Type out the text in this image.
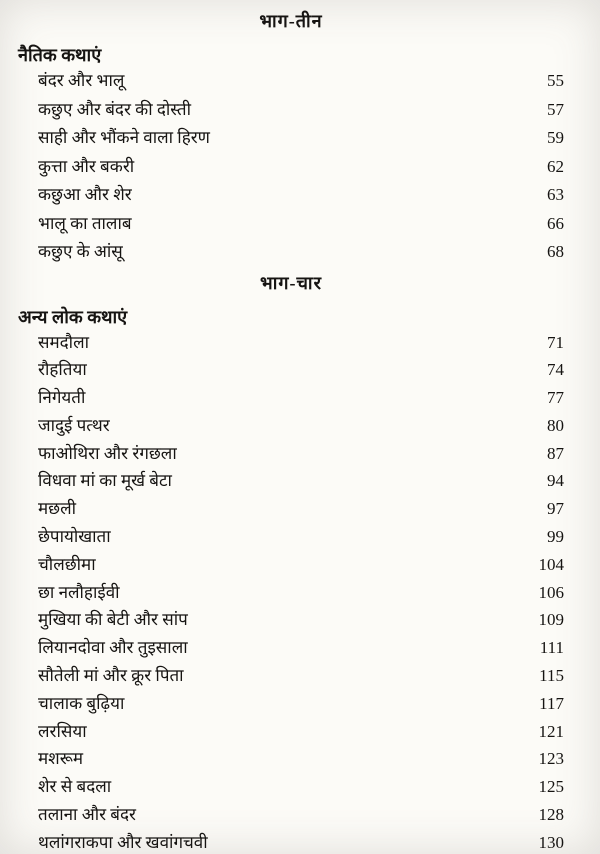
भाग-तीन
नैतिक कथाएं
बंदर और भालू	55
कछुए और बंदर की दोस्ती	57
साही और भौंकने वाला हिरण	59
कुत्ता और बकरी	62
कछुआ और शेर	63
भालू का तालाब	66
कछुए के आंसू	68
भाग-चार
अन्य लोक कथाएं
समदौला	71
रौहतिया	74
निगेयती	77
जादुई पत्थर	80
फाओथिरा और रंगछला	87
विधवा मां का मूर्ख बेटा	94
मछली	97
छेपायोखाता	99
चौलछीमा	104
छा नलौहाईवी	106
मुखिया की बेटी और सांप	109
लियानदोवा और तुइसाला	111
सौतेली मां और क्रूर पिता	115
चालाक बुढ़िया	117
लरसिया	121
मशरूम	123
शेर से बदला	125
तलाना और बंदर	128
थलांगराकपा और खवांगचवी	130
